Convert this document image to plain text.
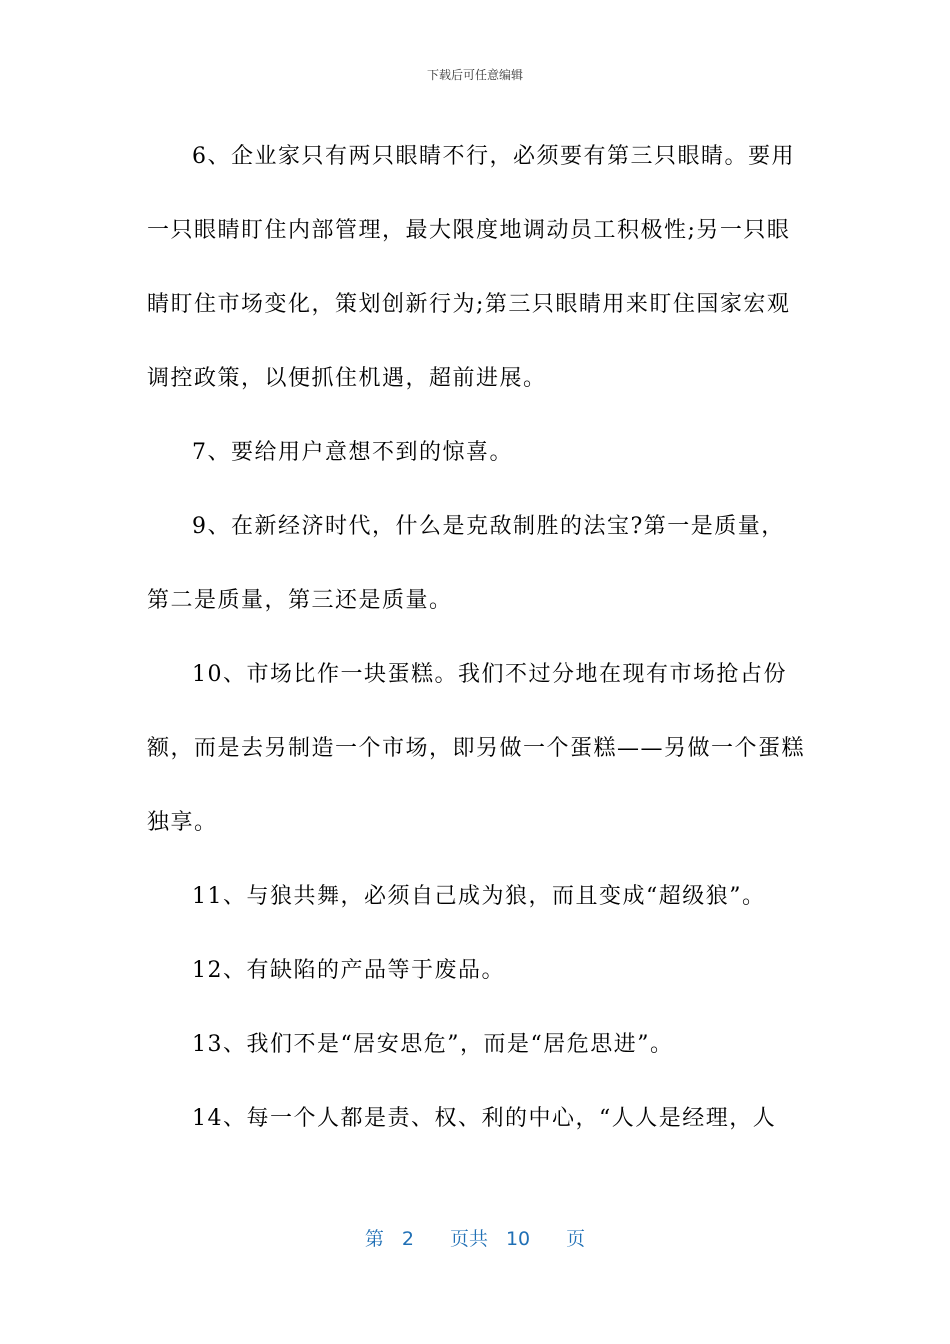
下载后可任意编辑

6、企业家只有两只眼睛不行，必须要有第三只眼睛。要用一只眼睛盯住内部管理，最大限度地调动员工积极性;另一只眼睛盯住市场变化，策划创新行为;第三只眼睛用来盯住国家宏观调控政策，以便抓住机遇，超前进展。

7、要给用户意想不到的惊喜。

9、在新经济时代，什么是克敌制胜的法宝?第一是质量，第二是质量，第三还是质量。

10、市场比作一块蛋糕。我们不过分地在现有市场抢占份额，而是去另制造一个市场，即另做一个蛋糕——另做一个蛋糕独享。

11、与狼共舞，必须自己成为狼，而且变成“超级狼”。

12、有缺陷的产品等于废品。

13、我们不是“居安思危”，而是“居危思进”。

14、每一个人都是责、权、利的中心，“人人是经理，人

第 2 页共 10 页
